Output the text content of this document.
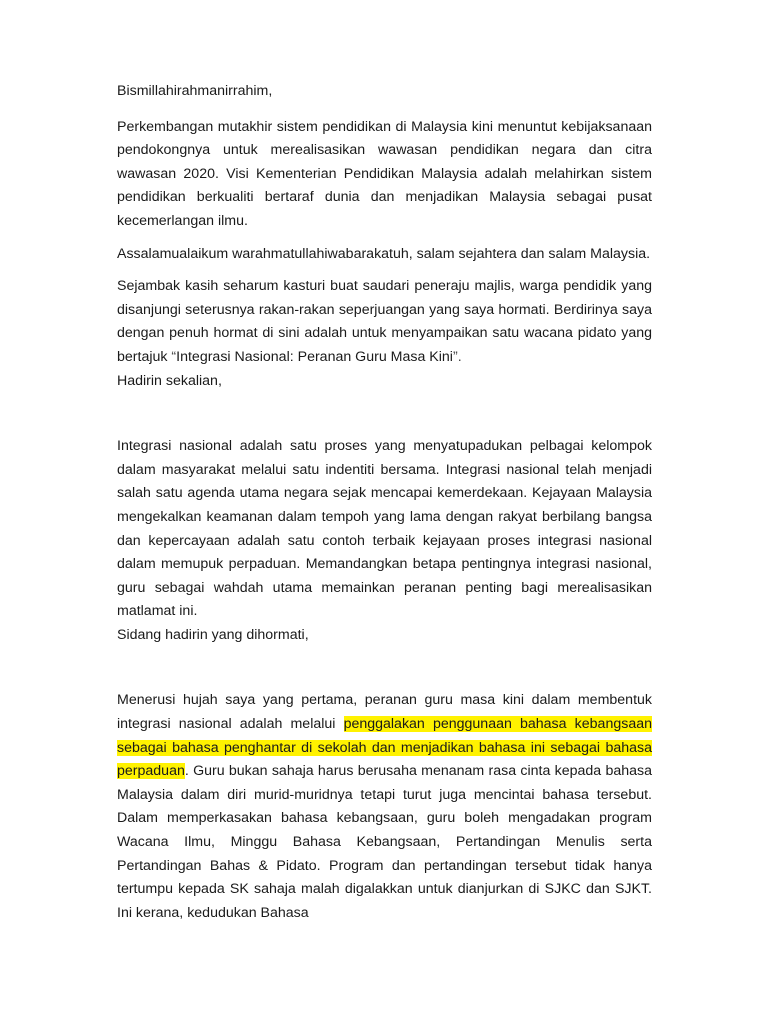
Bismillahirahmanirrahim,

Perkembangan mutakhir sistem pendidikan di Malaysia kini menuntut kebijaksanaan pendokongnya untuk merealisasikan wawasan pendidikan negara dan citra wawasan 2020. Visi Kementerian Pendidikan Malaysia adalah melahirkan sistem pendidikan berkualiti bertaraf dunia dan menjadikan Malaysia sebagai pusat kecemerlangan ilmu.

Assalamualaikum warahmatullahiwabarakatuh, salam sejahtera dan salam Malaysia.

Sejambak kasih seharum kasturi buat saudari peneraju majlis, warga pendidik yang disanjungi seterusnya rakan-rakan seperjuangan yang saya hormati. Berdirinya saya dengan penuh hormat di sini adalah untuk menyampaikan satu wacana pidato yang bertajuk “Integrasi Nasional: Peranan Guru Masa Kini”.

Hadirin sekalian,

Integrasi nasional adalah satu proses yang menyatupadukan pelbagai kelompok dalam masyarakat melalui satu indentiti bersama. Integrasi nasional telah menjadi salah satu agenda utama negara sejak mencapai kemerdekaan. Kejayaan Malaysia mengekalkan keamanan dalam tempoh yang lama dengan rakyat berbilang bangsa dan kepercayaan adalah satu contoh terbaik kejayaan proses integrasi nasional dalam memupuk perpaduan. Memandangkan betapa pentingnya integrasi nasional, guru sebagai wahdah utama memainkan peranan penting bagi merealisasikan matlamat ini.

Sidang hadirin yang dihormati,

Menerusi hujah saya yang pertama, peranan guru masa kini dalam membentuk integrasi nasional adalah melalui penggalakan penggunaan bahasa kebangsaan sebagai bahasa penghantar di sekolah dan menjadikan bahasa ini sebagai bahasa perpaduan. Guru bukan sahaja harus berusaha menanam rasa cinta kepada bahasa Malaysia dalam diri murid-muridnya tetapi turut juga mencintai bahasa tersebut. Dalam memperkasakan bahasa kebangsaan, guru boleh mengadakan program Wacana Ilmu, Minggu Bahasa Kebangsaan, Pertandingan Menulis serta Pertandingan Bahas & Pidato. Program dan pertandingan tersebut tidak hanya tertumpu kepada SK sahaja malah digalakkan untuk dianjurkan di SJKC dan SJKT. Ini kerana, kedudukan Bahasa
